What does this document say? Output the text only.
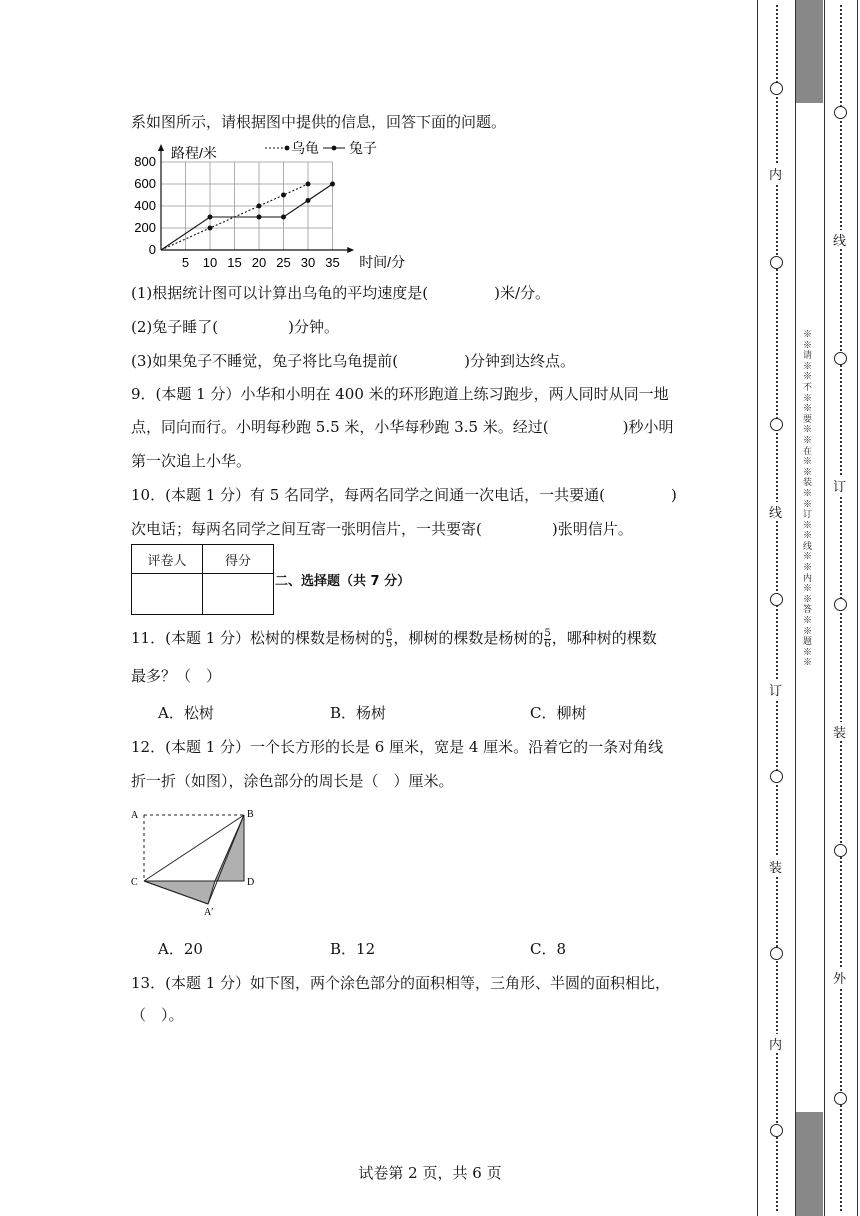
系如图所示，请根据图中提供的信息，回答下面的问题。
5 10 15 20 25 30 35
0
200
400
600
800
路程/米
时间/分
乌龟 兔子
(1)根据统计图可以计算出乌龟的平均速度是(	)米/分。
(2)兔子睡了(	)分钟。
(3)如果兔子不睡觉，兔子将比乌龟提前(	)分钟到达终点。
9．(本题 1 分）小华和小明在 400 米的环形跑道上练习跑步，两人同时从同一地
点，同向而行。小明每秒跑 5.5 米，小华每秒跑 3.5 米。经过(	)秒小明
第一次追上小华。
10．(本题 1 分）有 5 名同学，每两名同学之间通一次电话，一共要通(	)
次电话；每两名同学之间互寄一张明信片，一共要寄(	)张明信片。
评卷人	得分

二、选择题（共 7 分）
11．(本题 1 分）松树的棵数是杨树的 $\frac{6}{5}$ ，柳树的棵数是杨树的 $\frac{5}{6}$ ，哪种树的棵数
最多？（　）
A．松树	B．杨树	C．柳树
12．(本题 1 分）一个长方形的长是 6 厘米，宽是 4 厘米。沿着它的一条对角线
折一折（如图），涂色部分的周长是（　）厘米。
A	B
C	D
A′
A．20	B．12	C．8
13．(本题 1 分）如下图，两个涂色部分的面积相等，三角形、半圆的面积相比，
（　）。
试卷第 2 页，共 6 页
内
线
订
装
内
线
订
装
外
※※请※※不※※要※※在※※装※※订※※线※※内※※答※※题※※
